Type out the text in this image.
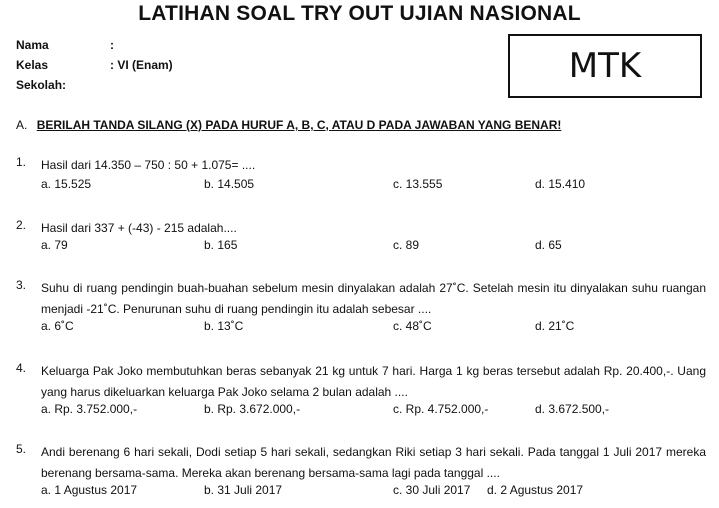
LATIHAN SOAL TRY OUT UJIAN NASIONAL
Nama	:
Kelas	: VI (Enam)
Sekolah:	MTK
A. BERILAH TANDA SILANG (X) PADA HURUF A, B, C, ATAU D PADA JAWABAN YANG BENAR!
1. Hasil dari 14.350 – 750 : 50 + 1.075= ....
a. 15.525	b. 14.505	c. 13.555	d. 15.410
2. Hasil dari 337 + (-43) - 215 adalah....
a. 79	b. 165	c. 89	d. 65
3. Suhu di ruang pendingin buah-buahan sebelum mesin dinyalakan adalah 27˚C. Setelah mesin itu dinyalakan suhu ruangan menjadi -21˚C. Penurunan suhu di ruang pendingin itu adalah sebesar ....
a. 6˚C	b. 13˚C	c. 48˚C	d. 21˚C
4. Keluarga Pak Joko membutuhkan beras sebanyak 21 kg untuk 7 hari. Harga 1 kg beras tersebut adalah Rp. 20.400,-. Uang yang harus dikeluarkan keluarga Pak Joko selama 2 bulan adalah ....
a. Rp. 3.752.000,-	b. Rp. 3.672.000,-	c. Rp. 4.752.000,-	d. 3.672.500,-
5. Andi berenang 6 hari sekali, Dodi setiap 5 hari sekali, sedangkan Riki setiap 3 hari sekali. Pada tanggal 1 Juli 2017 mereka berenang bersama-sama. Mereka akan berenang bersama-sama lagi pada tanggal ....
a. 1 Agustus 2017	b. 31 Juli 2017	c. 30 Juli 2017 d. 2 Agustus 2017
